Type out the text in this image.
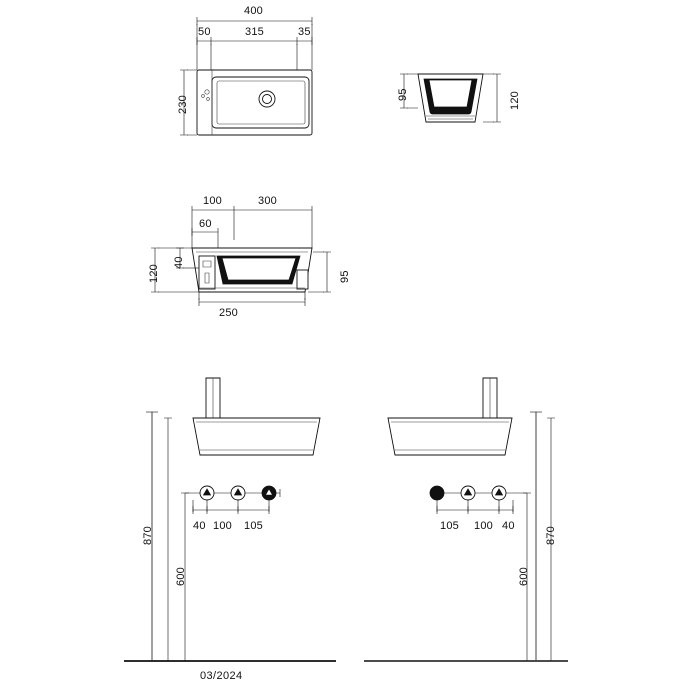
400
50	315	35
230
95	120
100	300
60
120
40
95
250
870
600
40 100 105
870
600
105 100 40
03/2024
